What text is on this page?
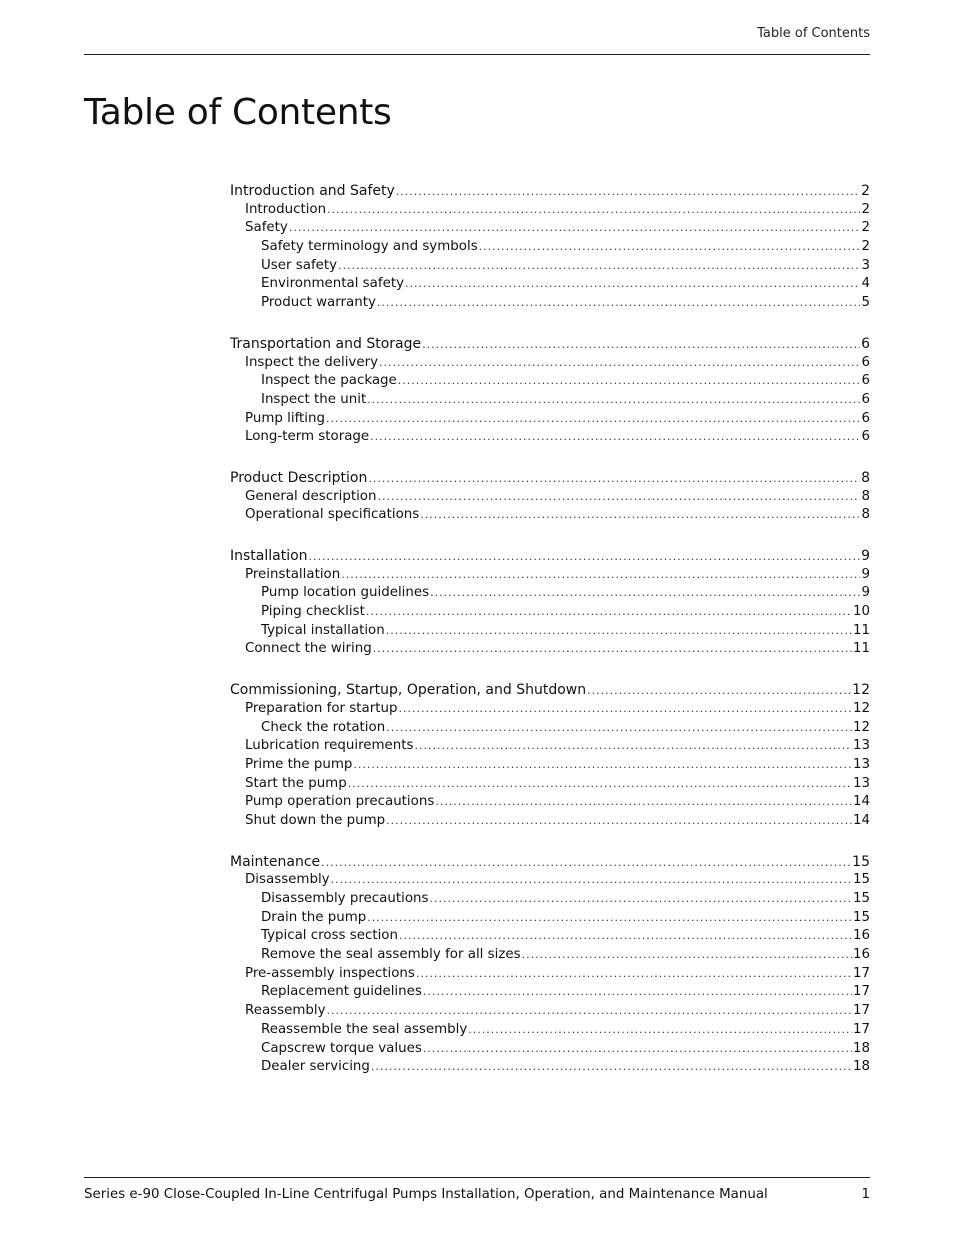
Table of Contents
Table of Contents
Introduction and Safety .....	2
Introduction .....	2
Safety .....	2
Safety terminology and symbols .....	2
User safety .....	3
Environmental safety .....	4
Product warranty .....	5
Transportation and Storage .....	6
Inspect the delivery .....	6
Inspect the package .....	6
Inspect the unit .....	6
Pump lifting .....	6
Long-term storage .....	6
Product Description .....	8
General description .....	8
Operational specifications .....	8
Installation .....	9
Preinstallation .....	9
Pump location guidelines .....	9
Piping checklist .....	10
Typical installation .....	11
Connect the wiring .....	11
Commissioning, Startup, Operation, and Shutdown .....	12
Preparation for startup .....	12
Check the rotation .....	12
Lubrication requirements .....	13
Prime the pump .....	13
Start the pump .....	13
Pump operation precautions .....	14
Shut down the pump .....	14
Maintenance .....	15
Disassembly .....	15
Disassembly precautions .....	15
Drain the pump .....	15
Typical cross section .....	16
Remove the seal assembly for all sizes .....	16
Pre-assembly inspections .....	17
Replacement guidelines .....	17
Reassembly .....	17
Reassemble the seal assembly .....	17
Capscrew torque values .....	18
Dealer servicing .....	18
Series e-90 Close-Coupled In-Line Centrifugal Pumps Installation, Operation, and Maintenance Manual	1
